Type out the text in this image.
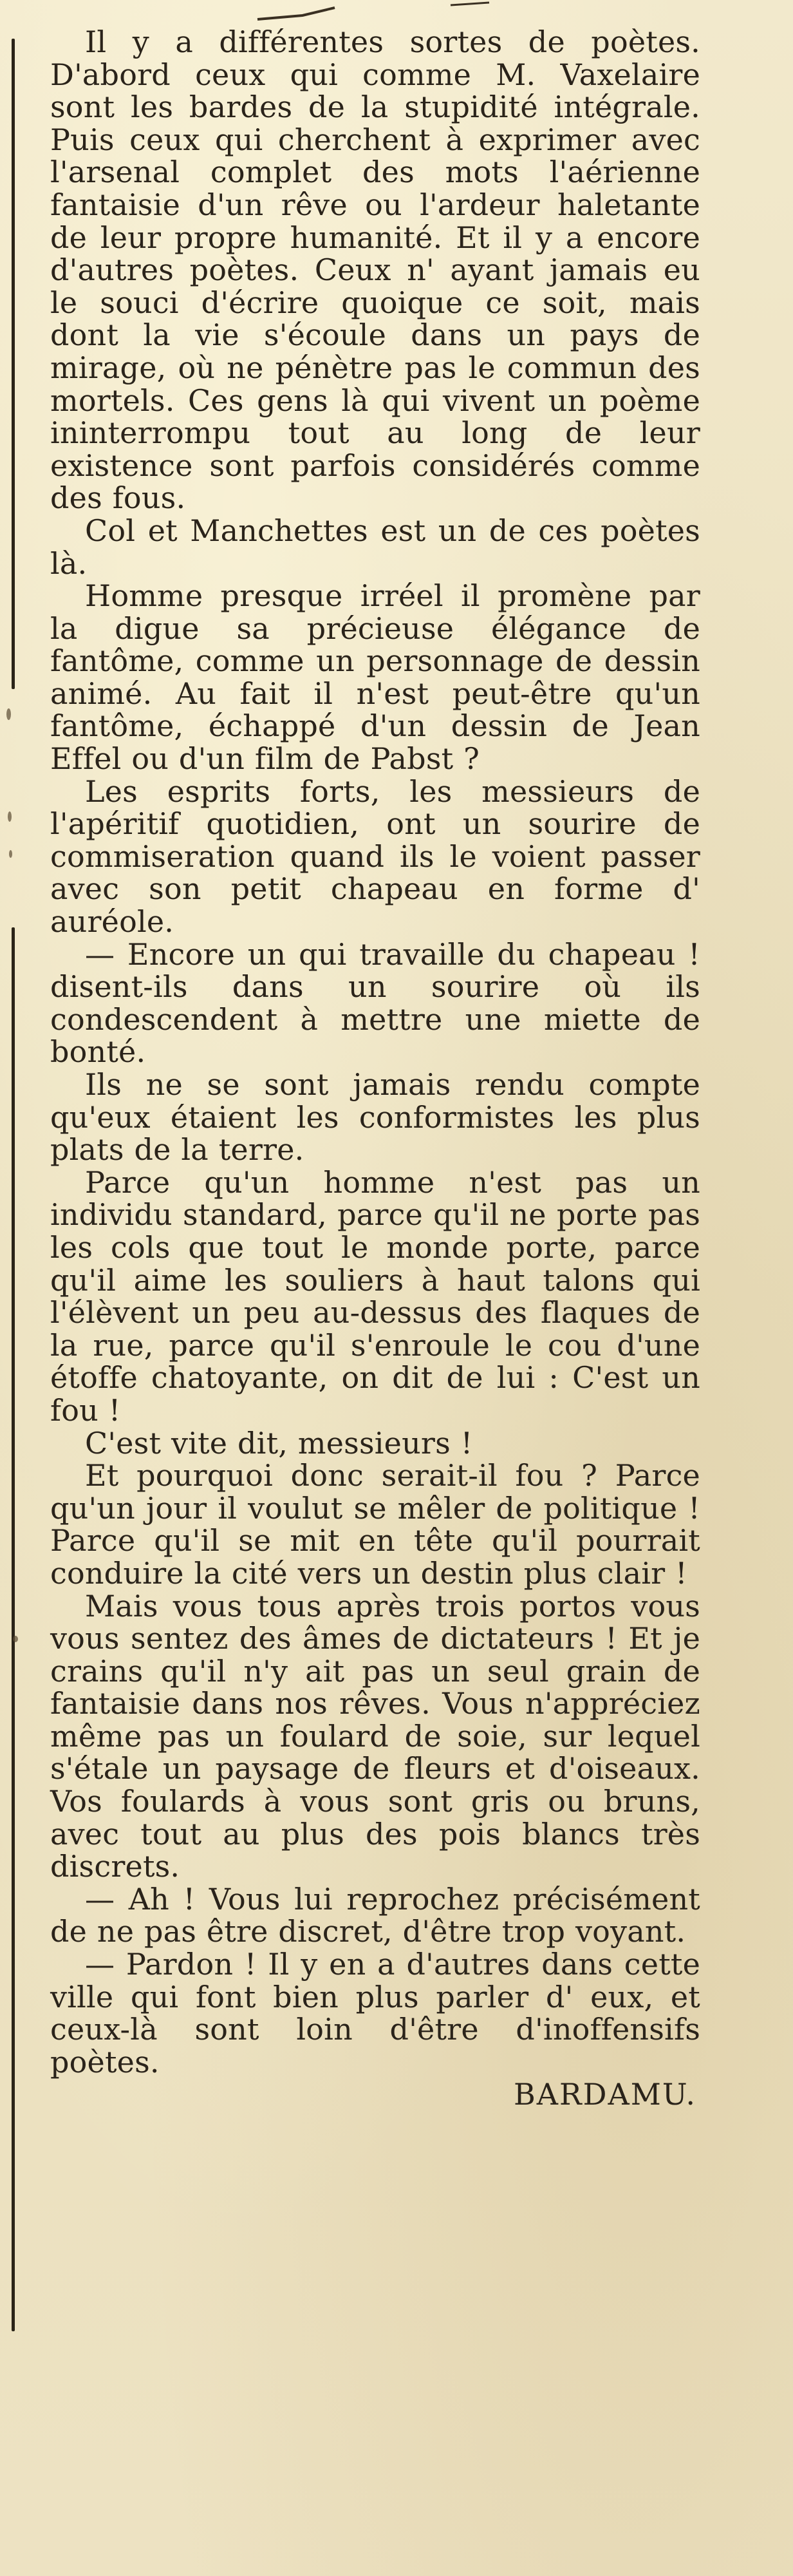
Il y a différentes sortes de poètes. D'abord ceux qui comme M. Vaxelaire sont les bardes de la stupidité intégrale. Puis ceux qui cherchent à exprimer avec l'arsenal complet des mots l'aérienne fantaisie d'un rêve ou l'ardeur haletante de leur propre humanité. Et il y a encore d'autres poètes. Ceux n' ayant jamais eu le souci d'écrire quoique ce soit, mais dont la vie s'écoule dans un pays de mirage, où ne pénètre pas le commun des mortels. Ces gens là qui vivent un poème ininterrompu tout au long de leur existence sont parfois considérés comme des fous.

Col et Manchettes est un de ces poètes là.

Homme presque irréel il promène par la digue sa précieuse élégance de fantôme, comme un personnage de dessin animé. Au fait il n'est peut-être qu'un fantôme, échappé d'un dessin de Jean Effel ou d'un film de Pabst ?

Les esprits forts, les messieurs de l'apéritif quotidien, ont un sourire de commiseration quand ils le voient passer avec son petit chapeau en forme d' auréole.

— Encore un qui travaille du chapeau ! disent-ils dans un sourire où ils condescendent à mettre une miette de bonté.

Ils ne se sont jamais rendu compte qu'eux étaient les conformistes les plus plats de la terre.

Parce qu'un homme n'est pas un individu standard, parce qu'il ne porte pas les cols que tout le monde porte, parce qu'il aime les souliers à haut talons qui l'élèvent un peu au-dessus des flaques de la rue, parce qu'il s'enroule le cou d'une étoffe chatoyante, on dit de lui : C'est un fou !

C'est vite dit, messieurs !

Et pourquoi donc serait-il fou ? Parce qu'un jour il voulut se mêler de politique ! Parce qu'il se mit en tête qu'il pourrait conduire la cité vers un destin plus clair !

Mais vous tous après trois portos vous vous sentez des âmes de dictateurs ! Et je crains qu'il n'y ait pas un seul grain de fantaisie dans nos rêves. Vous n'appréciez même pas un foulard de soie, sur lequel s'étale un paysage de fleurs et d'oiseaux. Vos foulards à vous sont gris ou bruns, avec tout au plus des pois blancs très discrets.

— Ah ! Vous lui reprochez précisément de ne pas être discret, d'être trop voyant.

— Pardon ! Il y en a d'autres dans cette ville qui font bien plus parler d' eux, et ceux-là sont loin d'être d'inoffensifs poètes.

BARDAMU.
